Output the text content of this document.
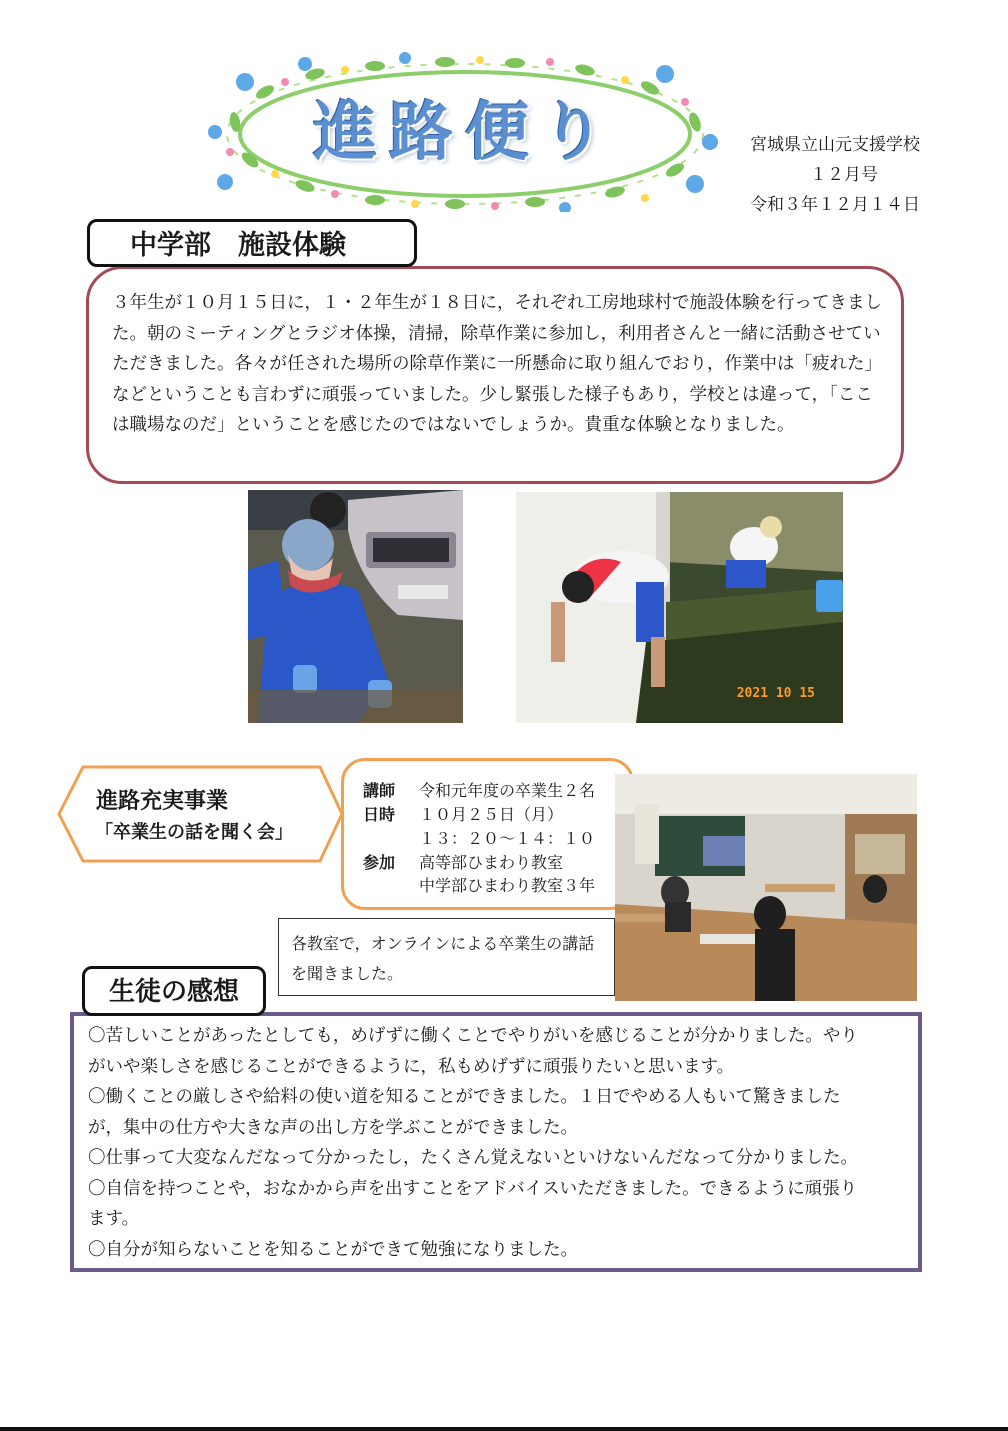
進路便り	宮城県立山元支援学校
１２月号
令和３年１２月１４日
中学部　施設体験
３年生が１０月１５日に，１・２年生が１８日に，それぞれ工房地球村で施設体験を行ってきました。朝のミーティングとラジオ体操，清掃，除草作業に参加し，利用者さんと一緒に活動させていただきました。各々が任された場所の除草作業に一所懸命に取り組んでおり，作業中は「疲れた」などということも言わずに頑張っていました。少し緊張した様子もあり，学校とは違って，「ここは職場なのだ」ということを感じたのではないでしょうか。貴重な体験となりました。
2021 10 15
進路充実事業
「卒業生の話を聞く会」
講師 令和元年度の卒業生２名
日時 １０月２５日（月）
１３：２０～１４：１０
参加 高等部ひまわり教室
中学部ひまわり教室３年
各教室で，オンラインによる卒業生の講話を聞きました。
生徒の感想
〇苦しいことがあったとしても，めげずに働くことでやりがいを感じることが分かりました。やり
がいや楽しさを感じることができるように，私もめげずに頑張りたいと思います。
〇働くことの厳しさや給料の使い道を知ることができました。１日でやめる人もいて驚きました
が，集中の仕方や大きな声の出し方を学ぶことができました。
〇仕事って大変なんだなって分かったし，たくさん覚えないといけないんだなって分かりました。
〇自信を持つことや，おなかから声を出すことをアドバイスいただきました。できるように頑張り
ます。
〇自分が知らないことを知ることができて勉強になりました。
